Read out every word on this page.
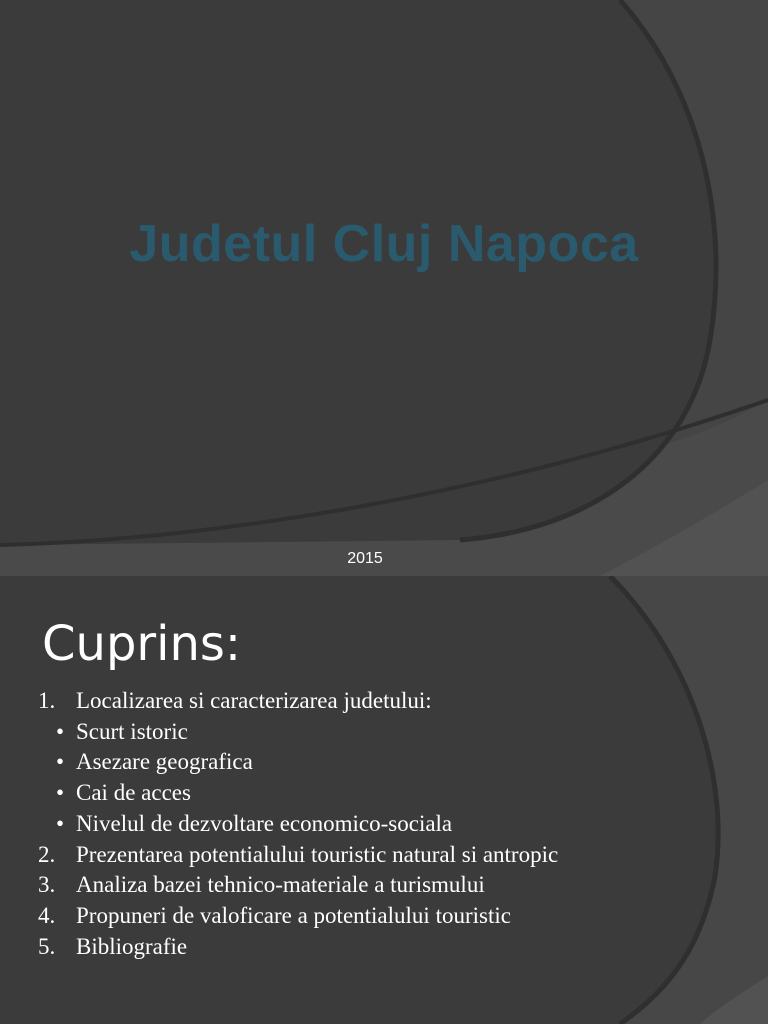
Judetul Cluj Napoca
2015
Cuprins:
1. Localizarea si caracterizarea judetului:
• Scurt istoric
• Asezare geografica
• Cai de acces
• Nivelul de dezvoltare economico-sociala
2. Prezentarea potentialului touristic natural si antropic
3. Analiza bazei tehnico-materiale a turismului
4. Propuneri de valoficare a potentialului touristic
5. Bibliografie
